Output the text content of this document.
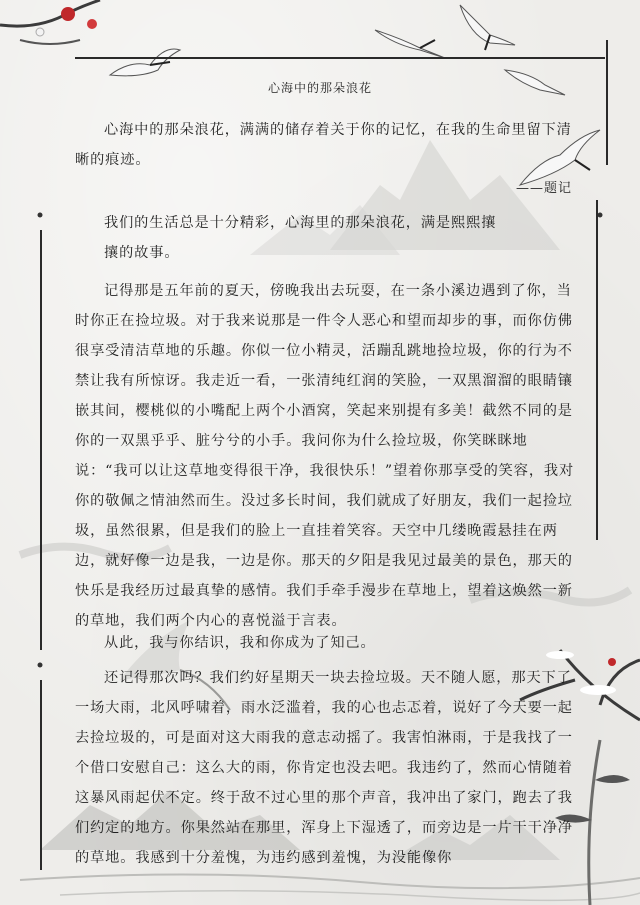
心海中的那朵浪花

心海中的那朵浪花，满满的储存着关于你的记忆，在我的生命里留下清晰的痕迹。

——题记
我们的生活总是十分精彩，心海里的那朵浪花，满是熙熙攘
攘的故事。

记得那是五年前的夏天，傍晚我出去玩耍，在一条小溪边遇到了你，当时你正在捡垃圾。对于我来说那是一件令人恶心和望而却步的事，而你仿佛很享受清洁草地的乐趣。你似一位小精灵，活蹦乱跳地捡垃圾，你的行为不禁让我有所惊讶。我走近一看，一张清纯红润的笑脸，一双黑溜溜的眼睛镶嵌其间，樱桃似的小嘴配上两个小酒窝，笑起来别提有多美！截然不同的是你的一双黑乎乎、脏兮兮的小手。我问你为什么捡垃圾，你笑眯眯地说：“我可以让这草地变得很干净，我很快乐！”望着你那享受的笑容，我对你的敬佩之情油然而生。没过多长时间，我们就成了好朋友，我们一起捡垃圾，虽然很累，但是我们的脸上一直挂着笑容。天空中几缕晚霞悬挂在两边，就好像一边是我，一边是你。那天的夕阳是我见过最美的景色，那天的快乐是我经历过最真挚的感情。我们手牵手漫步在草地上，望着这焕然一新的草地，我们两个内心的喜悦溢于言表。

从此，我与你结识，我和你成为了知己。

还记得那次吗？我们约好星期天一块去捡垃圾。天不随人愿，那天下了一场大雨，北风呼啸着，雨水泛滥着，我的心也忐忑着，说好了今天要一起去捡垃圾的，可是面对这大雨我的意志动摇了。我害怕淋雨，于是我找了一个借口安慰自己：这么大的雨，你肯定也没去吧。我违约了，然而心情随着这暴风雨起伏不定。终于敌不过心里的那个声音，我冲出了家门，跑去了我们约定的地方。你果然站在那里，浑身上下湿透了，而旁边是一片干干净净的草地。我感到十分羞愧，为违约感到羞愧，为没能像你
